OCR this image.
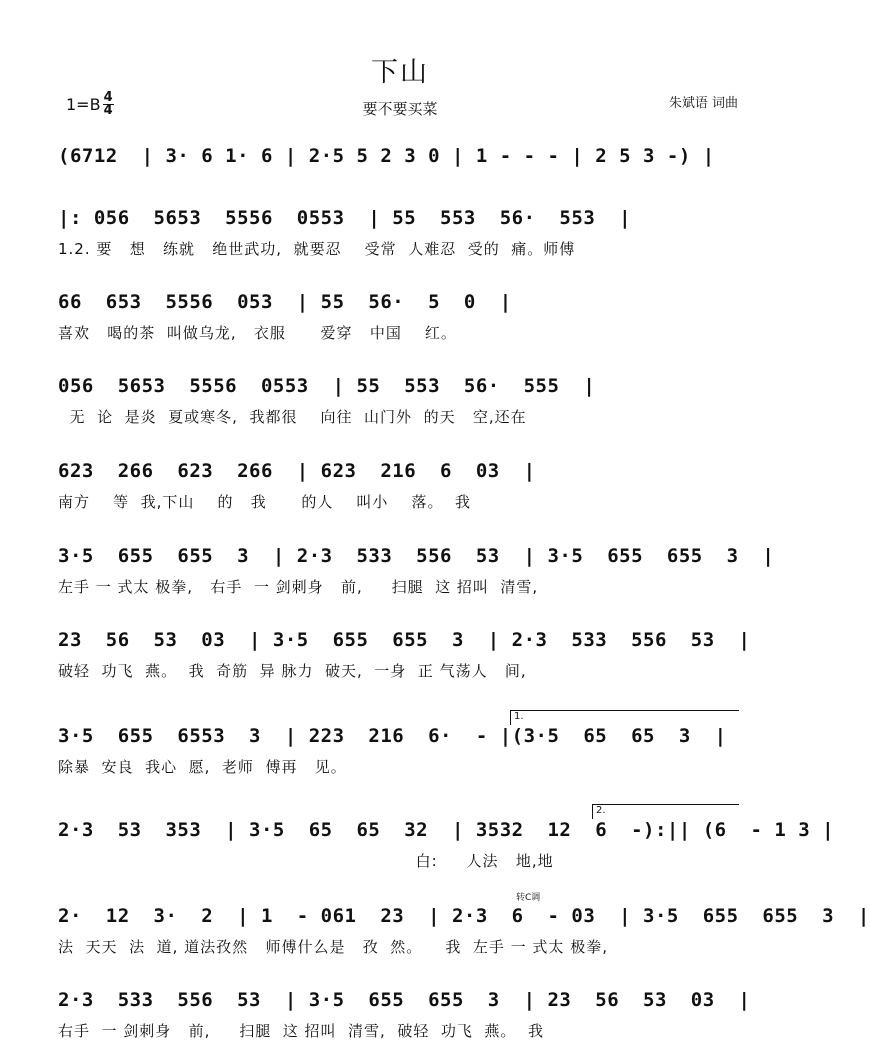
下山
要不要买菜	朱斌语 词曲
$1=B \frac{4}{4}$
(6712  | 3· 6 1· 6 | 2·5 5 2 3 0 | 1 - - - | 2 5 3 -) |
|: 056  5653  5556  0553  | 55  553  56·  553  |
1.2. 要   想   练就   绝世武功,  就要忍    受常  人难忍  受的  痛。师傅
66  653  5556  053  | 55  56·  5  0  |
喜欢   喝的茶  叫做乌龙,   衣服      爱穿   中国    红。
056  5653  5556  0553  | 55  553  56·  555  |
无  论  是炎  夏或寒冬,  我都很    向往  山门外  的天   空,还在
623  266  623  266  | 623  216  6  03  |
南方    等  我,下山    的   我      的人    叫小    落。  我
3·5  655  655  3  | 2·3  533  556  53  | 3·5  655  655  3  |
左手 一 式太 极拳,   右手  一 剑刺身   前,     扫腿  这 招叫  清雪,
23  56  53  03  | 3·5  655  655  3  | 2·3  533  556  53  |
破轻  功飞  燕。  我  奇筋  异 脉力  破天,  一身  正 气荡人   间,
3·5  655  6553  3  | 223  216  6·  - |(3·5  65  65  3  |
除暴  安良  我心  愿,  老师  傅再   见。
1.
2·3  53  353  | 3·5  65  65  32  | 3532  12  6  -):|| (6  - 1 3 |
白:     人法   地,地
2.
转C调
2·  12  3·  2  | 1  - 061  23  | 2·3  6  - 03  | 3·5  655  655  3  |
法  天天  法  道, 道法孜然   师傅什么是   孜  然。    我  左手 一 式太 极拳,
2·3  533  556  53  | 3·5  655  655  3  | 23  56  53  03  |
右手  一 剑刺身   前,     扫腿  这 招叫  清雪,  破轻  功飞  燕。  我
